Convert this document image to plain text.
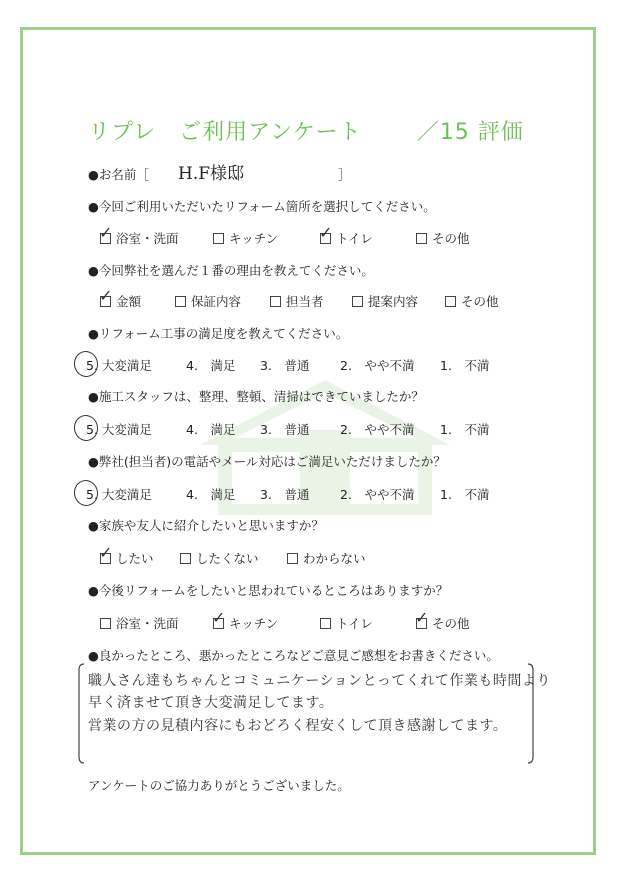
リプレ　ご利用アンケート	／15 評価
●お名前［ H.F様邸	］
●今回ご利用いただいたリフォーム箇所を選択してください。
✓ 浴室・洗面	キッチン	✓ トイレ	その他
●今回弊社を選んだ１番の理由を教えてください。
✓ 金額	保証内容	担当者	提案内容	その他
●リフォーム工事の満足度を教えてください。
5. 大変満足	4.　 満足 3.　 普通 2.　 やや不満 1.　 不満
●施工スタッフは、整理、整頓、清掃はできていましたか？
5. 大変満足	4.　 満足 3.　 普通 2.　 やや不満 1.　 不満
●弊社(担当者)の電話やメール対応はご満足いただけましたか？
5. 大変満足	4.　 満足 3.　 普通 2.　 やや不満 1.　 不満
●家族や友人に紹介したいと思いますか？
✓ したい	したくない	わからない
●今後リフォームをしたいと思われているところはありますか？
浴室・洗面 ✓ キッチン	トイレ	✓ その他
●良かったところ、悪かったところなどご意見ご感想をお書きください。
職人さん達もちゃんとコミュニケーションとってくれて作業も時間より
早く済ませて頂き大変満足してます。
営業の方の見積内容にもおどろく程安くして頂き感謝してます。
アンケートのご協力ありがとうございました。
